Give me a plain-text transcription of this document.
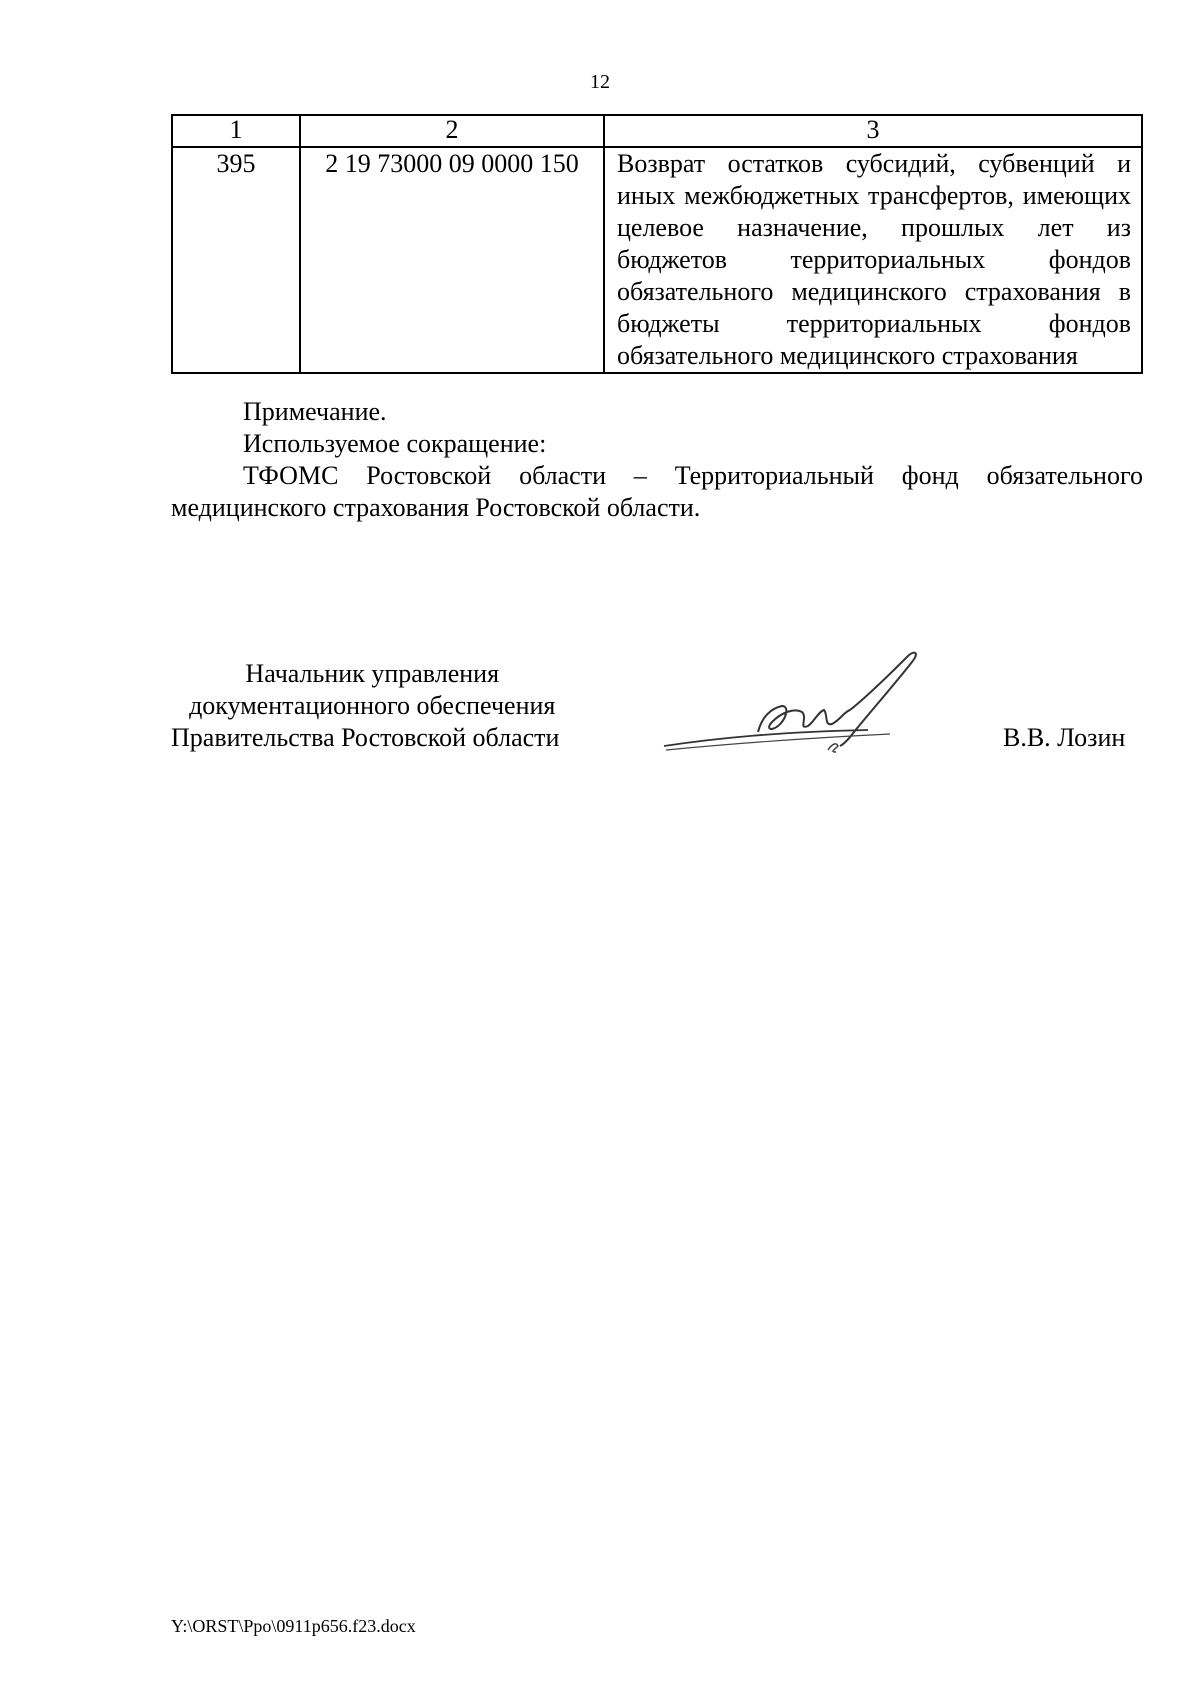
12
1	2	3
395	2 19 73000 09 0000 150	Возврат остатков субсидий, субвенций и иных межбюджетных трансфертов, имеющих целевое назначение, прошлых лет из бюджетов территориальных фондов обязательного медицинского страхования в бюджеты территориальных фондов обязательного медицинского страхования
Примечание.
Используемое сокращение:
ТФОМС Ростовской области – Территориальный фонд обязательного медицинского страхования Ростовской области.
Начальник управления
документационного обеспечения
Правительства Ростовской области	В.В. Лозин
Y:\ORST\Ppo\0911p656.f23.docx
